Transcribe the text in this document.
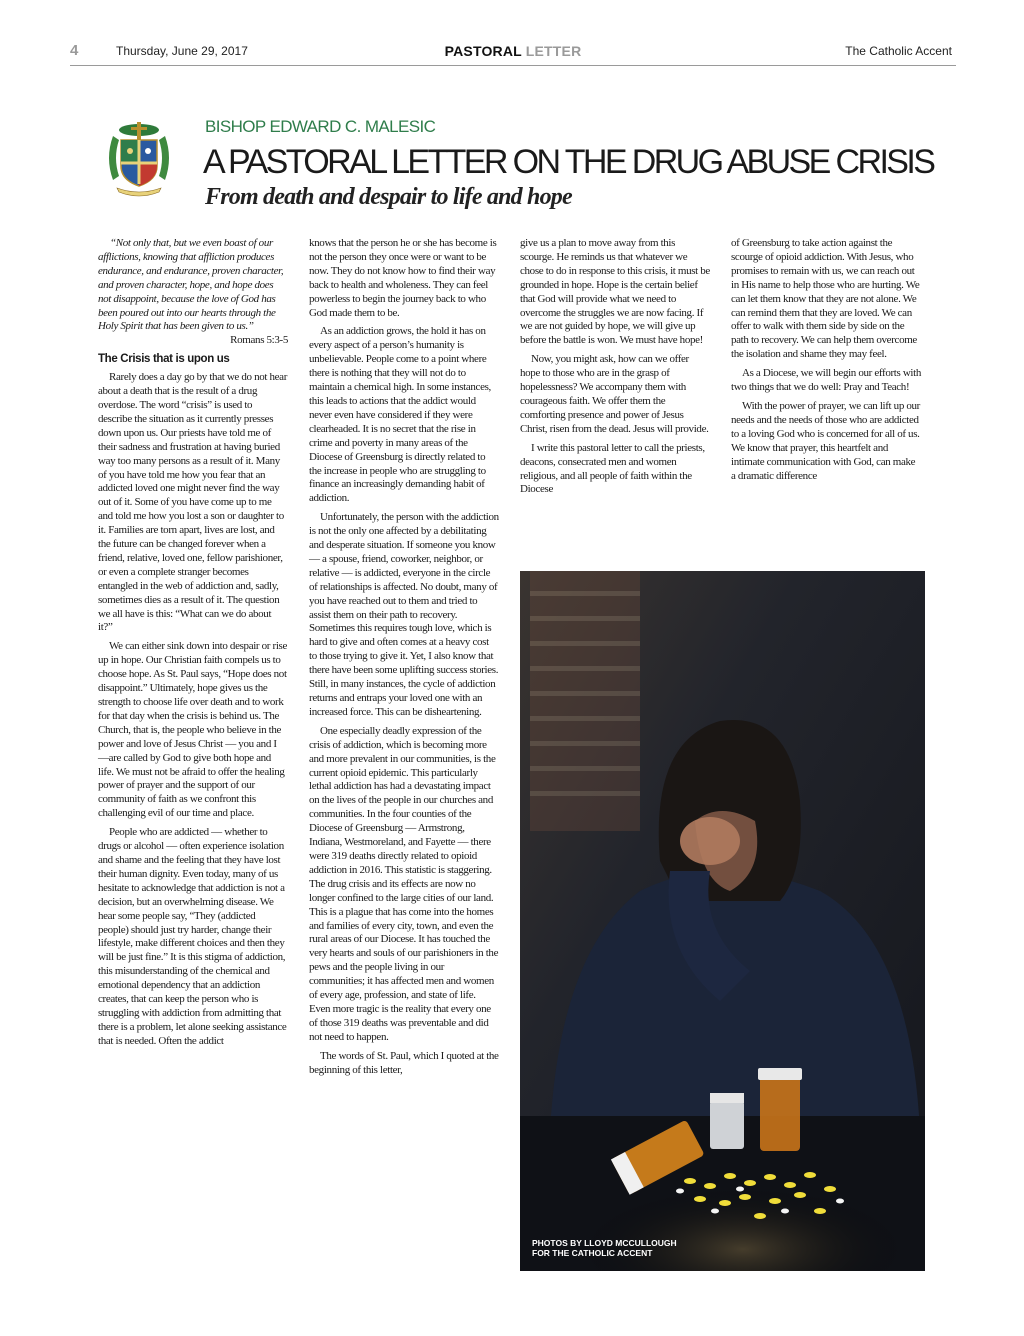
4	Thursday, June 29, 2017	PASTORAL LETTER	The Catholic Accent
BISHOP EDWARD C. MALESIC
A PASTORAL LETTER ON THE DRUG ABUSE CRISIS
From death and despair to life and hope

“Not only that, but we even boast of our afflictions, knowing that affliction produces endurance, and endurance, proven character, and proven character, hope, and hope does not disappoint, because the love of God has been poured out into our hearts through the Holy Spirit that has been given to us.”

Romans 5:3-5

The Crisis that is upon us

Rarely does a day go by that we do not hear about a death that is the result of a drug overdose. The word “crisis” is used to describe the situation as it currently presses down upon us. Our priests have told me of their sadness and frustration at having buried way too many persons as a result of it. Many of you have told me how you fear that an addicted loved one might never find the way out of it. Some of you have come up to me and told me how you lost a son or daughter to it. Families are torn apart, lives are lost, and the future can be changed forever when a friend, relative, loved one, fellow parishioner, or even a complete stranger becomes entangled in the web of addiction and, sadly, sometimes dies as a result of it. The question we all have is this: “What can we do about it?”

We can either sink down into despair or rise up in hope. Our Christian faith compels us to choose hope. As St. Paul says, “Hope does not disappoint.” Ultimately, hope gives us the strength to choose life over death and to work for that day when the crisis is behind us. The Church, that is, the people who believe in the power and love of Jesus Christ — you and I —are called by God to give both hope and life. We must not be afraid to offer the healing power of prayer and the support of our community of faith as we confront this challenging evil of our time and place.

People who are addicted — whether to drugs or alcohol — often experience isolation and shame and the feeling that they have lost their human dignity. Even today, many of us hesitate to acknowledge that addiction is not a decision, but an overwhelming disease. We hear some people say, “They (addicted people) should just try harder, change their lifestyle, make different choices and then they will be just fine.” It is this stigma of addiction, this misunderstanding of the chemical and emotional dependency that an addiction creates, that can keep the person who is struggling with addiction from admitting that there is a problem, let alone seeking assistance that is needed. Often the addict

knows that the person he or she has become is not the person they once were or want to be now. They do not know how to find their way back to health and wholeness. They can feel powerless to begin the journey back to who God made them to be.

As an addiction grows, the hold it has on every aspect of a person’s humanity is unbelievable. People come to a point where there is nothing that they will not do to maintain a chemical high. In some instances, this leads to actions that the addict would never even have considered if they were clearheaded. It is no secret that the rise in crime and poverty in many areas of the Diocese of Greensburg is directly related to the increase in people who are struggling to finance an increasingly demanding habit of addiction.

Unfortunately, the person with the addiction is not the only one affected by a debilitating and desperate situation. If someone you know — a spouse, friend, coworker, neighbor, or relative — is addicted, everyone in the circle of relationships is affected. No doubt, many of you have reached out to them and tried to assist them on their path to recovery. Sometimes this requires tough love, which is hard to give and often comes at a heavy cost to those trying to give it. Yet, I also know that there have been some uplifting success stories. Still, in many instances, the cycle of addiction returns and entraps your loved one with an increased force. This can be disheartening.

One especially deadly expression of the crisis of addiction, which is becoming more and more prevalent in our communities, is the current opioid epidemic. This particularly lethal addiction has had a devastating impact on the lives of the people in our churches and communities. In the four counties of the Diocese of Greensburg — Armstrong, Indiana, Westmoreland, and Fayette — there were 319 deaths directly related to opioid addiction in 2016. This statistic is staggering. The drug crisis and its effects are now no longer confined to the large cities of our land. This is a plague that has come into the homes and families of every city, town, and even the rural areas of our Diocese. It has touched the very hearts and souls of our parishioners in the pews and the people living in our communities; it has affected men and women of every age, profession, and state of life. Even more tragic is the reality that every one of those 319 deaths was preventable and did not need to happen.

The words of St. Paul, which I quoted at the beginning of this letter,

give us a plan to move away from this scourge. He reminds us that whatever we chose to do in response to this crisis, it must be grounded in hope. Hope is the certain belief that God will provide what we need to overcome the struggles we are now facing. If we are not guided by hope, we will give up before the battle is won. We must have hope!

Now, you might ask, how can we offer hope to those who are in the grasp of hopelessness? We accompany them with courageous faith. We offer them the comforting presence and power of Jesus Christ, risen from the dead. Jesus will provide.

I write this pastoral letter to call the priests, deacons, consecrated men and women religious, and all people of faith within the Diocese

of Greensburg to take action against the scourge of opioid addiction. With Jesus, who promises to remain with us, we can reach out in His name to help those who are hurting. We can let them know that they are not alone. We can remind them that they are loved. We can offer to walk with them side by side on the path to recovery. We can help them overcome the isolation and shame they may feel.

As a Diocese, we will begin our efforts with two things that we do well: Pray and Teach!

With the power of prayer, we can lift up our needs and the needs of those who are addicted to a loving God who is concerned for all of us. We know that prayer, this heartfelt and intimate communication with God, can make a dramatic difference

PHOTOS BY LLOYD MCCULLOUGH
FOR THE CATHOLIC ACCENT
